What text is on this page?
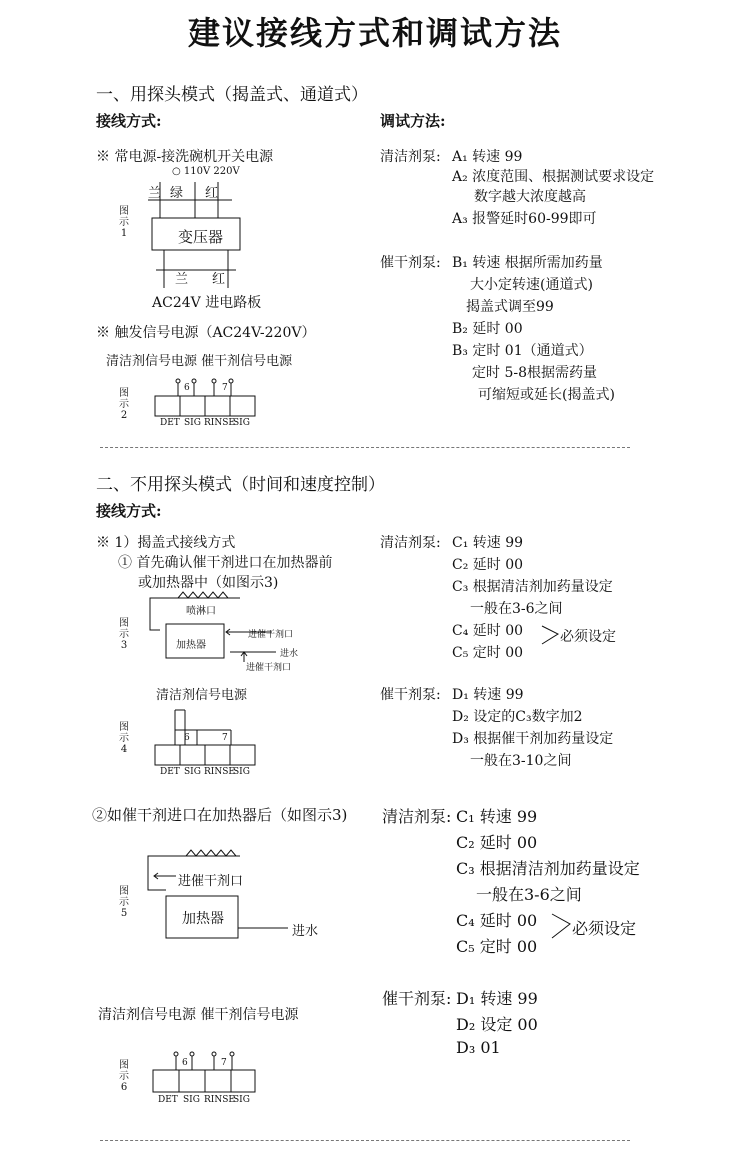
建议接线方式和调试方法
一、用探头模式（揭盖式、通道式）
接线方式:	调试方法:
※ 常电源-接洗碗机开关电源
○ 110V 220V
兰 绿 红
变压器
兰 红
AC24V 进电路板
图
示
1
※ 触发信号电源（AC24V-220V）
清洁剂信号电源 催干剂信号电源
图
示
2
6	7
DET SIG RINSE
SIG
清洁剂泵: A₁ 转速 99
A₂ 浓度范围、根据测试要求设定
数字越大浓度越高
A₃ 报警延时60-99即可
催干剂泵: B₁ 转速 根据所需加药量
大小定转速(通道式)
揭盖式调至99
B₂ 延时 00
B₃ 定时 01（通道式）
定时 5-8根据需药量
可缩短或延长(揭盖式)
二、不用探头模式（时间和速度控制）
接线方式:
※ 1）揭盖式接线方式
① 首先确认催干剂进口在加热器前
或加热器中（如图示3)
图
示
3
喷淋口
加热器
进催干剂口
进水
进催干剂口
清洁剂信号电源
图
示
4
6	7
DET SIG RINSE
SIG
清洁剂泵: C₁ 转速 99
C₂ 延时 00
C₃ 根据清洁剂加药量设定
一般在3-6之间
C₄ 延时 00
C₅ 定时 00
必须设定
催干剂泵: D₁ 转速 99
D₂ 设定的C₃数字加2
D₃ 根据催干剂加药量设定
一般在3-10之间
②如催干剂进口在加热器后（如图示3)
图
示
5
进催干剂口
加热器
进水
清洁剂信号电源 催干剂信号电源
图
示
6
6	7
DET SIG RINSE
SIG
清洁剂泵: C₁ 转速 99
C₂ 延时 00
C₃ 根据清洁剂加药量设定
一般在3-6之间
C₄ 延时 00
C₅ 定时 00
必须设定
催干剂泵: D₁ 转速 99
D₂ 设定 00
D₃ 01
